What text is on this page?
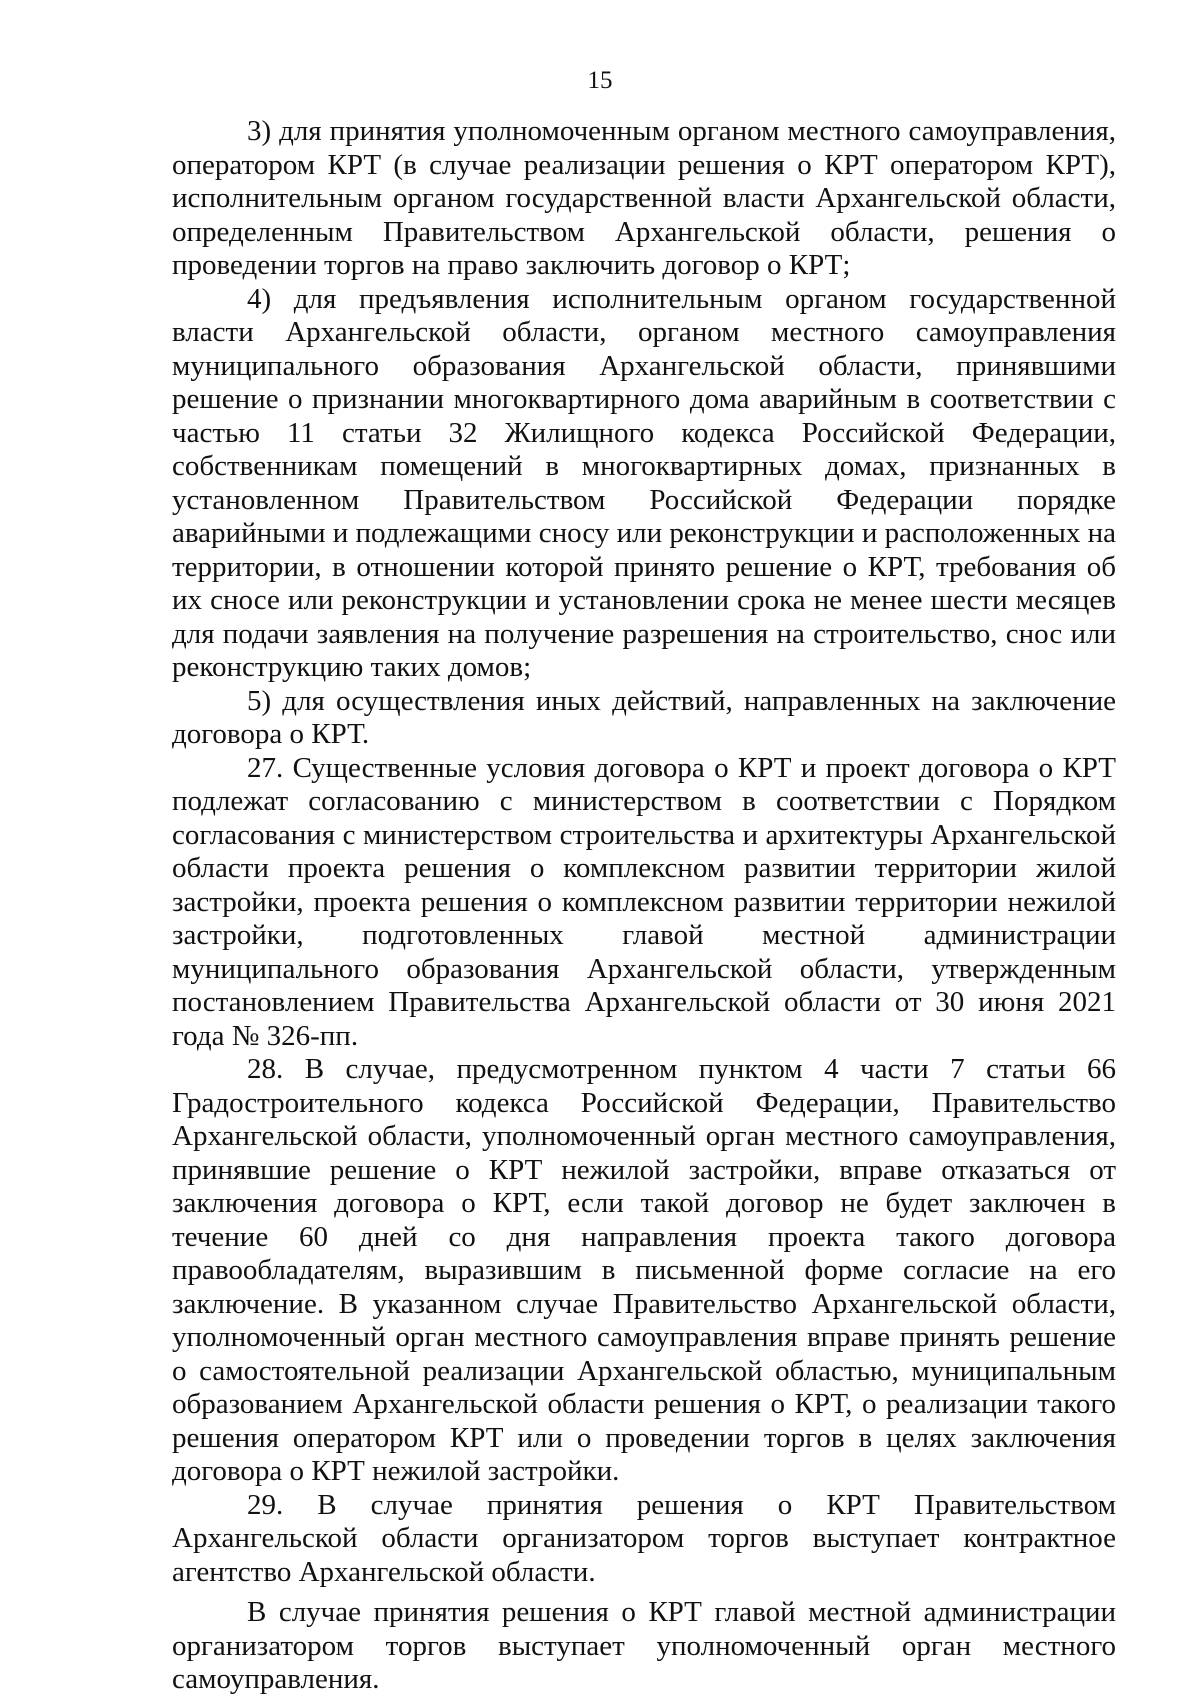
15

3) для принятия уполномоченным органом местного самоуправления, оператором КРТ (в случае реализации решения о КРТ оператором КРТ), исполнительным органом государственной власти Архангельской области, определенным Правительством Архангельской области, решения о проведении торгов на право заключить договор о КРТ;

4) для предъявления исполнительным органом государственной власти Архангельской области, органом местного самоуправления муниципального образования Архангельской области, принявшими решение о признании многоквартирного дома аварийным в соответствии с частью 11 статьи 32 Жилищного кодекса Российской Федерации, собственникам помещений в многоквартирных домах, признанных в установленном Правительством Российской Федерации порядке аварийными и подлежащими сносу или реконструкции и расположенных на территории, в отношении которой принято решение о КРТ, требования об их сносе или реконструкции и установлении срока не менее шести месяцев для подачи заявления на получение разрешения на строительство, снос или реконструкцию таких домов;

5) для осуществления иных действий, направленных на заключение договора о КРТ.

27. Существенные условия договора о КРТ и проект договора о КРТ подлежат согласованию с министерством в соответствии с Порядком согласования с министерством строительства и архитектуры Архангельской области проекта решения о комплексном развитии территории жилой застройки, проекта решения о комплексном развитии территории нежилой застройки, подготовленных главой местной администрации муниципального образования Архангельской области, утвержденным постановлением Правительства Архангельской области от 30 июня 2021 года № 326-пп.

28. В случае, предусмотренном пунктом 4 части 7 статьи 66 Градостроительного кодекса Российской Федерации, Правительство Архангельской области, уполномоченный орган местного самоуправления, принявшие решение о КРТ нежилой застройки, вправе отказаться от заключения договора о КРТ, если такой договор не будет заключен в течение 60 дней со дня направления проекта такого договора правообладателям, выразившим в письменной форме согласие на его заключение. В указанном случае Правительство Архангельской области, уполномоченный орган местного самоуправления вправе принять решение о самостоятельной реализации Архангельской областью, муниципальным образованием Архангельской области решения о КРТ, о реализации такого решения оператором КРТ или о проведении торгов в целях заключения договора о КРТ нежилой застройки.

29. В случае принятия решения о КРТ Правительством Архангельской области организатором торгов выступает контрактное агентство Архангельской области.

В случае принятия решения о КРТ главой местной администрации организатором торгов выступает уполномоченный орган местного самоуправления.
